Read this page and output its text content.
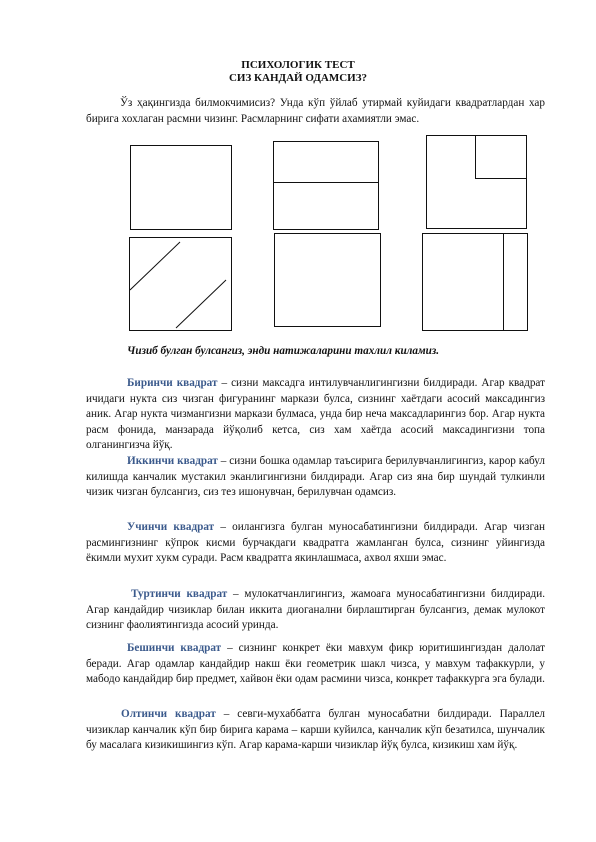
ПСИХОЛОГИК ТЕСТ
СИЗ КАНДАЙ ОДАМСИЗ?

Ўз ҳақингизда билмокчимисиз? Унда кўп ўйлаб утирмай куйидаги квадратлардан хар бирига хохлаган расмни чизинг. Расмларнинг сифати ахамиятли эмас.

Чизиб булган булсангиз, энди натижаларини тахлил киламиз.

Биринчи квадрат – сизни максадга интилувчанлигингизни билдиради. Агар квадрат ичидаги нукта сиз чизган фигуранинг маркази булса, сизнинг хаётдаги асосий максадингиз аник. Агар нукта чизмангизни маркази булмаса, унда бир неча максадларингиз бор. Агар нукта расм фонида, манзарада йўқолиб кетса, сиз хам хаётда асосий максадингизни топа олганингизча йўқ.

Иккинчи квадрат – сизни бошка одамлар таъсирига берилувчанлигингиз, карор кабул килишда канчалик мустакил эканлигингизни билдиради. Агар сиз яна бир шундай тулкинли чизик чизган булсангиз, сиз тез ишонувчан, берилувчан одамсиз.

Учинчи квадрат – оилангизга булган муносабатингизни билдиради. Агар чизган расмингизнинг кўпрок кисми бурчакдаги квадратга жамланган булса, сизнинг уйингизда ёкимли мухит хукм суради. Расм квадратга якинлашмаса, ахвол яхши эмас.

Туртинчи квадрат – мулокатчанлигингиз, жамоага муносабатингизни билдиради. Агар кандайдир чизиклар билан иккита диоганални бирлаштирган булсангиз, демак мулокот сизнинг фаолиятингизда асосий уринда.

Бешинчи квадрат – сизнинг конкрет ёки мавхум фикр юритишингиздан далолат беради. Агар одамлар кандайдир накш ёки геометрик шакл чизса, у мавхум тафаккурли, у мабодо кандайдир бир предмет, хайвон ёки одам расмини чизса, конкрет тафаккурга эга булади.

Олтинчи квадрат – севги-мухаббатга булган муносабатни билдиради. Параллел чизиклар канчалик кўп бир бирига карама – карши куйилса, канчалик кўп безатилса, шунчалик бу масалага кизикишингиз кўп. Агар карама-карши чизиклар йўқ булса, кизикиш хам йўқ.
